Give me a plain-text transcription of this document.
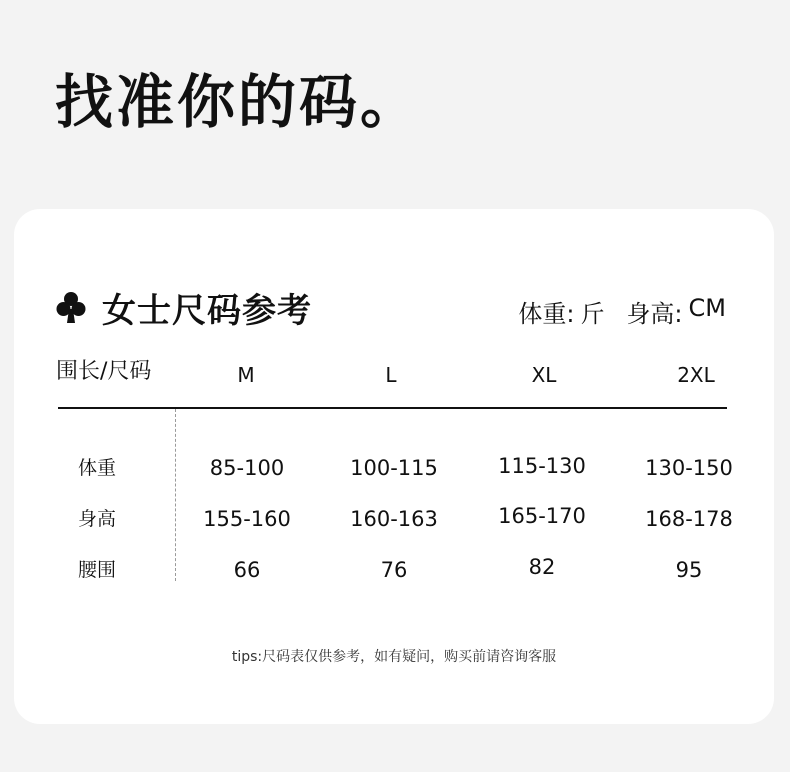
找准你的码。
女士尺码参考	体重: 斤 身高: CM
围长/尺码	M	L	XL	2XL
体重	85-100	100-115	115-130	130-150
身高	155-160	160-163	165-170	168-178
腰围	66	76	82	95
tips:尺码表仅供参考，如有疑问，购买前请咨询客服
